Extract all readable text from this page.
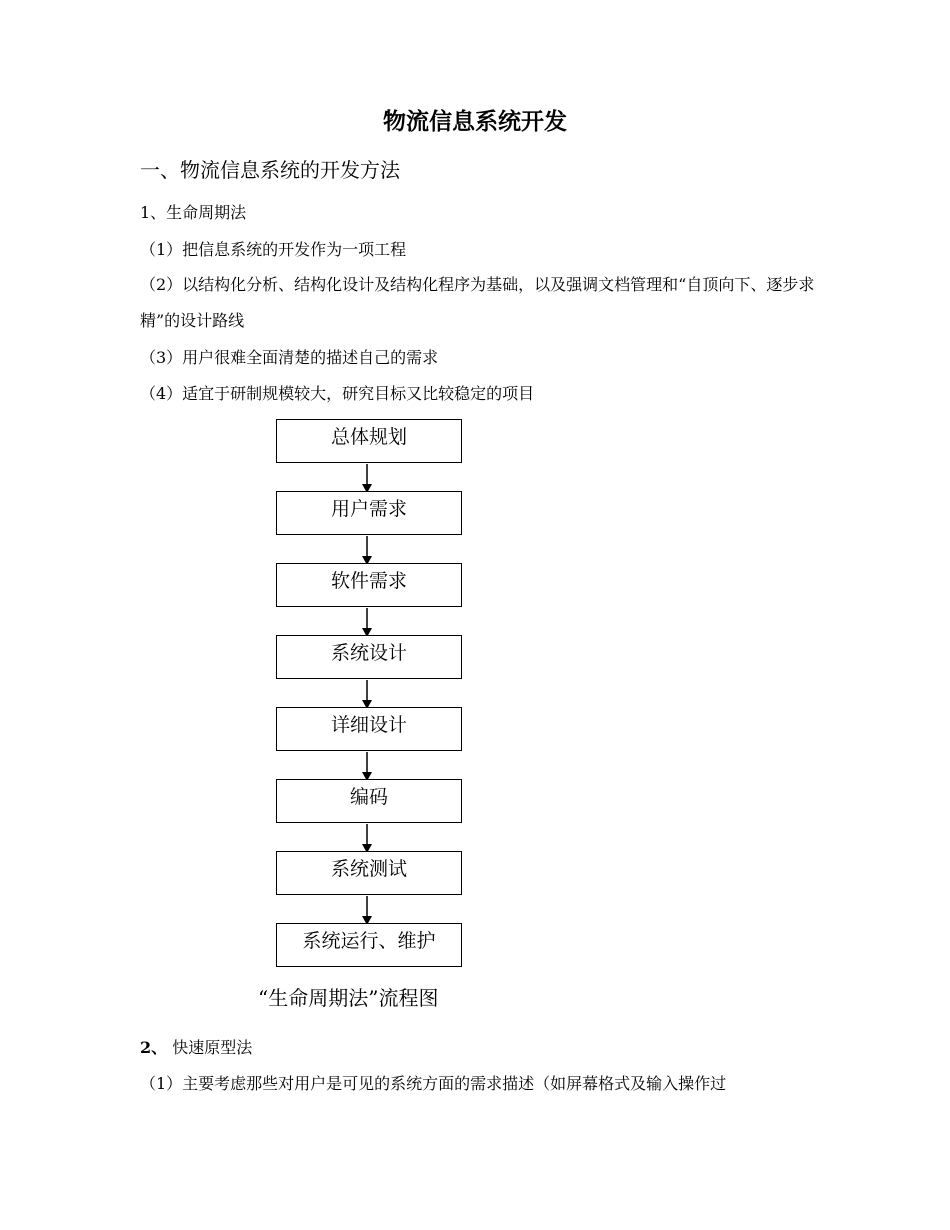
物流信息系统开发
一、物流信息系统的开发方法

1、生命周期法

（1）把信息系统的开发作为一项工程

（2）以结构化分析、结构化设计及结构化程序为基础，以及强调文档管理和“自顶向下、逐步求精”的设计路线

（3）用户很难全面清楚的描述自己的需求

（4）适宜于研制规模较大，研究目标又比较稳定的项目

总体规划
用户需求
软件需求
系统设计
详细设计
编码
系统测试
系统运行、维护

“生命周期法”流程图

2、 快速原型法

（1）主要考虑那些对用户是可见的系统方面的需求描述（如屏幕格式及输入操作过
